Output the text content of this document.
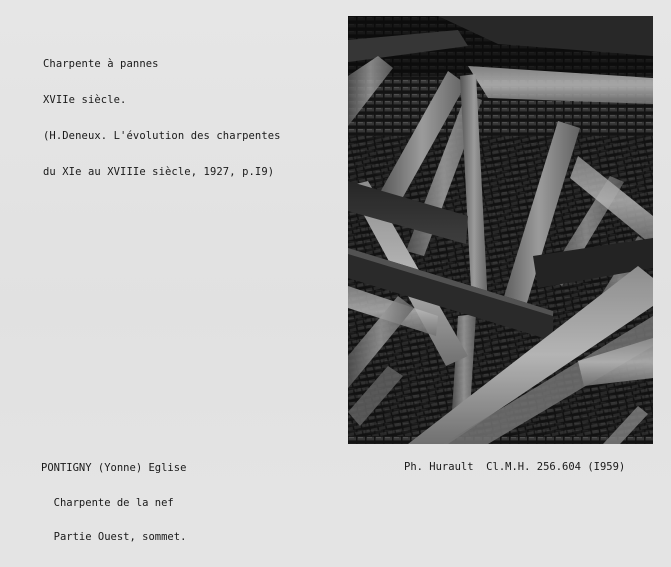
Charpente à pannes

XVIIe siècle.

(H.Deneux. L'évolution des charpentes

du XIe au XVIIIe siècle, 1927, p.I9)

PONTIGNY (Yonne) Eglise

Charpente de la nef

Partie Ouest, sommet.

Ph. Hurault  Cl.M.H. 256.604 (I959)
